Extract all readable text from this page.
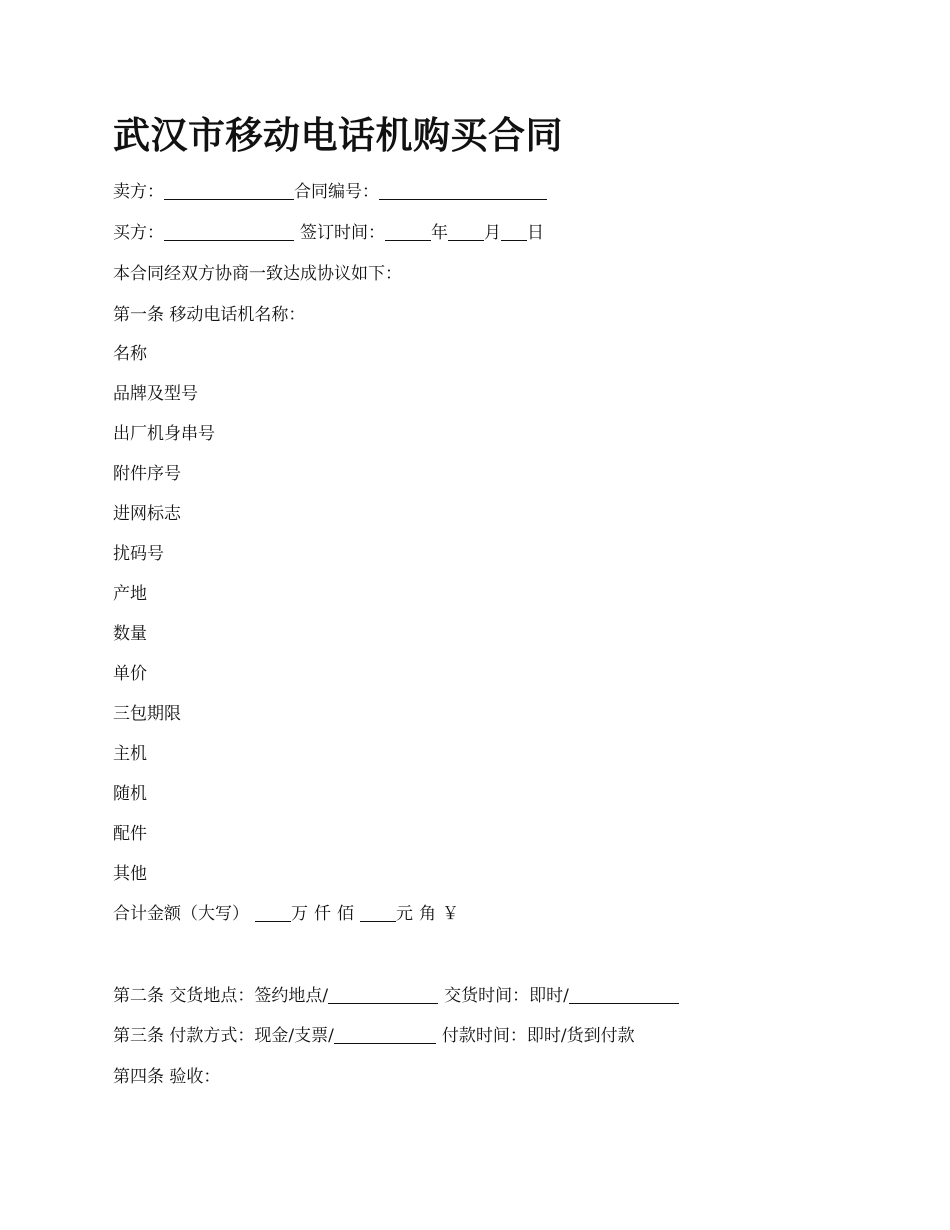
武汉市移动电话机购买合同
卖方：	合同编号：
买方：	签订时间：	年 月 日
本合同经双方协商一致达成协议如下：
第一条 移动电话机名称：
名称
品牌及型号
出厂机身串号
附件序号
进网标志
扰码号
产地
数量
单价
三包期限
主机
随机
配件
其他
合计金额（大写） 万 仟 佰 元 角 ￥
第二条 交货地点：签约地点/	交货时间：即时/
第三条 付款方式：现金/支票/	付款时间：即时/货到付款
第四条 验收：
